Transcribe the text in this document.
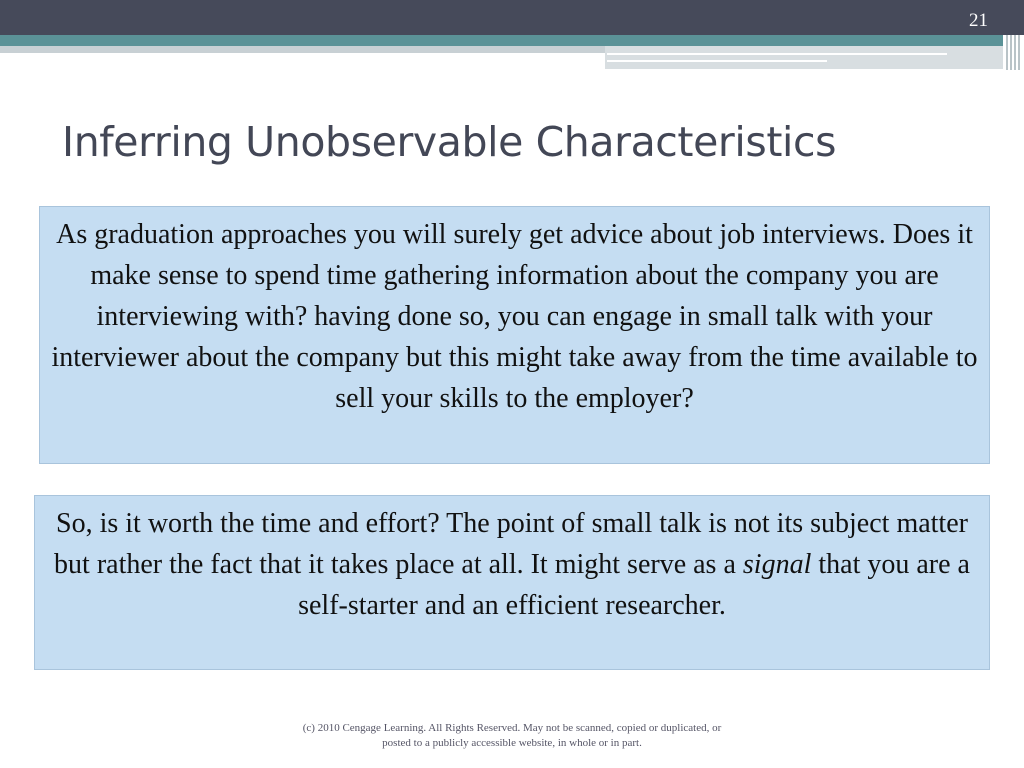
21
Inferring Unobservable Characteristics
As graduation approaches you will surely get advice about job interviews. Does it make sense to spend time gathering information about the company you are interviewing with? having done so, you can engage in small talk with your interviewer about the company but this might take away from the time available to sell your skills to the employer?
So, is it worth the time and effort? The point of small talk is not its subject matter but rather the fact that it takes place at all. It might serve as a signal that you are a self-starter and an efficient researcher.
(c) 2010 Cengage Learning. All Rights Reserved. May not be scanned, copied or duplicated, or
posted to a publicly accessible website, in whole or in part.
